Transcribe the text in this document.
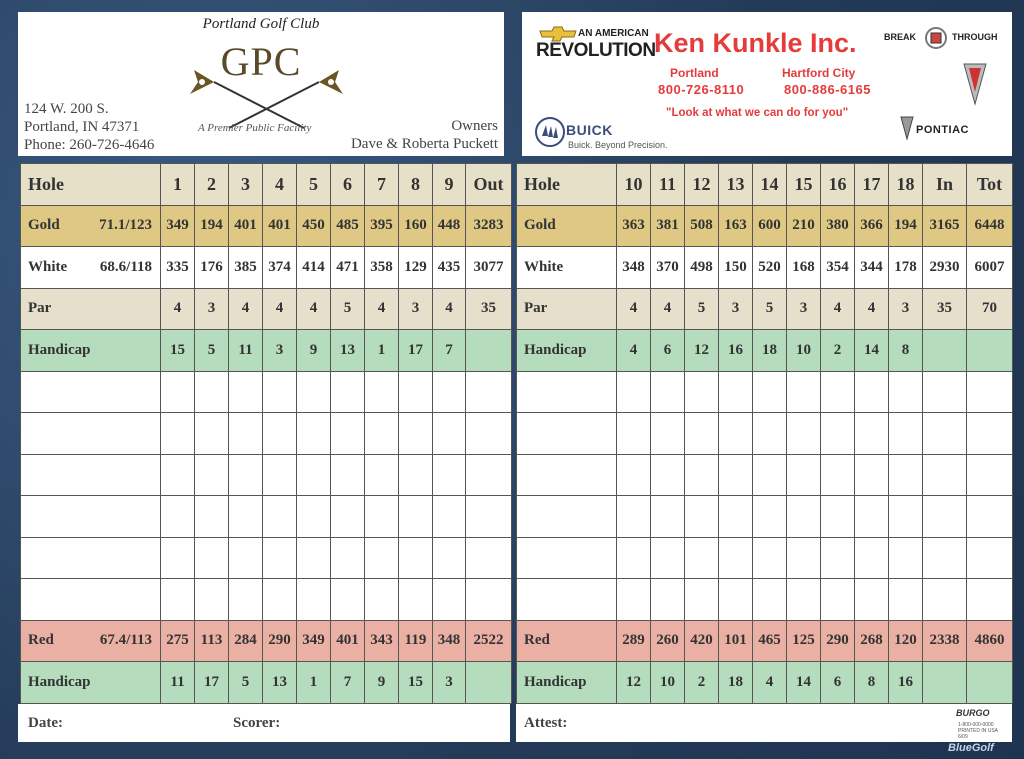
Portland Golf Club
GPC
A Premier Public Facility
124 W. 200 S.
Portland, IN 47371
Phone: 260-726-4646
Owners
Dave & Roberta Puckett
AN AMERICAN
REVOLUTION
Ken Kunkle Inc.
Portland
800-726-8110
Hartford City
800-886-6165
"Look at what we can do for you"
BUICK
Buick. Beyond Precision.
BREAK	THROUGH
PONTIAC
Hole	1	2	3	4	5	6	7	8	9	Out
Gold 71.1/123	349	194	401	401	450	485	395	160	448	3283
White 68.6/118	335	176	385	374	414	471	358	129	435	3077
Par	4	3	4	4	4	5	4	3	4	35
Handicap	15	5	11	3	9	13	1	17	7	

Red 67.4/113	275	113	284	290	349	401	343	119	348	2522
Handicap	11	17	5	13	1	7	9	15	3	
Hole	10	11	12	13	14	15	16	17	18	In	Tot
Gold	363	381	508	163	600	210	380	366	194	3165	6448
White	348	370	498	150	520	168	354	344	178	2930	6007
Par	4	4	5	3	5	3	4	4	3	35	70
Handicap	4	6	12	16	18	10	2	14	8		

Red	289	260	420	101	465	125	290	268	120	2338	4860
Handicap	12	10	2	18	4	14	6	8	16		
Date:	Scorer:	Attest:
BURGO
1-800-000-0000 PRINTED IN USA 6/09
BlueGolf
